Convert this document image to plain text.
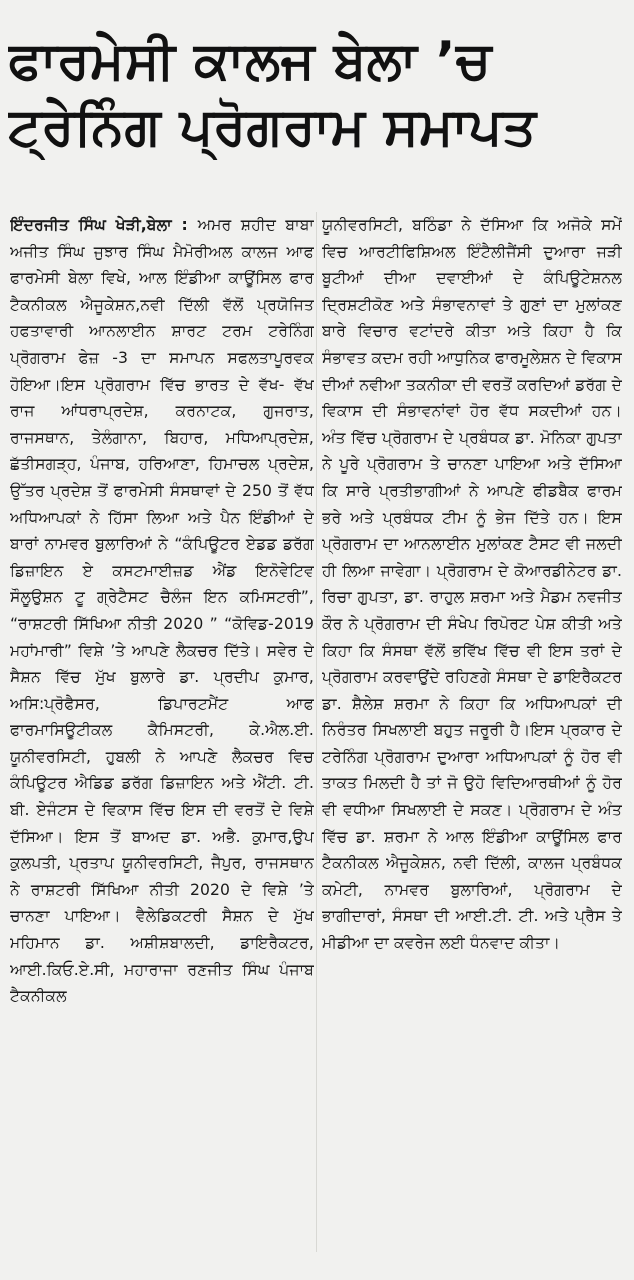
ਫਾਰਮੇਸੀ ਕਾਲਜ ਬੇਲਾ ’ਚ
ਟ੍ਰੇਨਿੰਗ ਪ੍ਰੋਗਰਾਮ ਸਮਾਪਤ
ਇੰਦਰਜੀਤ ਸਿੰਘ ਖੇੜੀ,ਬੇਲਾ : ਅਮਰ ਸ਼ਹੀਦ ਬਾਬਾ ਅਜੀਤ ਸਿੰਘ ਜੁਝਾਰ ਸਿੰਘ ਮੈਮੋਰੀਅਲ ਕਾਲਜ ਆਫ ਫਾਰਮੇਸੀ ਬੇਲਾ ਵਿਖੇ, ਆਲ ਇੰਡੀਆ ਕਾਊਂਸਿਲ ਫਾਰ ਟੈਕਨੀਕਲ ਐਜੂਕੇਸ਼ਨ,ਨਵੀ ਦਿੱਲੀ ਵੱਲੋਂ ਪ੍ਰਯੋਜਿਤ ਹਫਤਾਵਾਰੀ ਆਨਲਾਈਨ ਸ਼ਾਰਟ ਟਰਮ ਟਰੇਨਿੰਗ ਪ੍ਰੋਗਰਾਮ ਫੇਜ਼ -3 ਦਾ ਸਮਾਪਨ ਸਫਲਤਾਪੂਰਵਕ ਹੋਇਆ।ਇਸ ਪ੍ਰੋਗਰਾਮ ਵਿੱਚ ਭਾਰਤ ਦੇ ਵੱਖ- ਵੱਖ ਰਾਜ ਆਂਧਰਾਪ੍ਰਦੇਸ਼, ਕਰਨਾਟਕ, ਗੁਜਰਾਤ, ਰਾਜਸਥਾਨ, ਤੇਲੰਗਾਨਾ, ਬਿਹਾਰ, ਮਧਿਆਪ੍ਰਦੇਸ਼, ਛੱਤੀਸਗੜ੍ਹ, ਪੰਜਾਬ, ਹਰਿਆਣਾ, ਹਿਮਾਚਲ ਪ੍ਰਦੇਸ਼, ਉੱਤਰ ਪ੍ਰਦੇਸ਼ ਤੋਂ ਫਾਰਮੇਸੀ ਸੰਸਥਾਵਾਂ ਦੇ 250 ਤੋਂ ਵੱਧ ਅਧਿਆਪਕਾਂ ਨੇ ਹਿੱਸਾ ਲਿਆ ਅਤੇ ਪੈਨ ਇੰਡੀਆਂ ਦੇ ਬਾਰਾਂ ਨਾਮਵਰ ਬੁਲਾਰਿਆਂ ਨੇ “ਕੰਪਿਊਟਰ ਏਡਡ ਡਰੱਗ ਡਿਜ਼ਾਇਨ ਏ ਕਸਟਮਾਈਜ਼ਡ ਐਂਡ ਇਨੋਵੇਟਿਵ ਸੌਲੂਉਸ਼ਨ ਟੂ ਗ੍ਰੇਟੈਸਟ ਚੈਲੰਜ ਇਨ ਕਮਿਸਟਰੀ”, “ਰਾਸ਼ਟਰੀ ਸਿੱਖਿਆ ਨੀਤੀ 2020 ” “ਕੋਵਿਡ-2019 ਮਹਾਂਮਾਰੀ” ਵਿਸ਼ੇ ’ਤੇ ਆਪਣੇ ਲੈਕਚਰ ਦਿੱਤੇ। ਸਵੇਰ ਦੇ ਸੈਸ਼ਨ ਵਿੱਚ ਮੁੱਖ ਬੁਲਾਰੇ ਡਾ. ਪ੍ਰਦੀਪ ਕੁਮਾਰ, ਅਸਿ:ਪ੍ਰੋਫੈਸਰ, ਡਿਪਾਰਟਮੈਂਟ ਆਫ ਫਾਰਮਾਸਿਊਟੀਕਲ ਕੈਮਿਸਟਰੀ, ਕੇ.ਐਲ.ਈ. ਯੂਨੀਵਰਸਿਟੀ, ਹੁਬਲੀ ਨੇ ਆਪਣੇ ਲੈਕਚਰ ਵਿਚ ਕੰਪਿਊਟਰ ਐਡਿਡ ਡਰੱਗ ਡਿਜ਼ਾਇਨ ਅਤੇ ਐਂਟੀ. ਟੀ. ਬੀ. ਏਜੰਟਸ ਦੇ ਵਿਕਾਸ ਵਿੱਚ ਇਸ ਦੀ ਵਰਤੋਂ ਦੇ ਵਿਸ਼ੇ ਦੱਸਿਆ। ਇਸ ਤੋਂ ਬਾਅਦ ਡਾ. ਅਭੈ. ਕੁਮਾਰ,ਉਪ ਕੁਲਪਤੀ, ਪ੍ਰਤਾਪ ਯੂਨੀਵਰਸਿਟੀ, ਜੈਪੁਰ, ਰਾਜਸਥਾਨ ਨੇ ਰਾਸ਼ਟਰੀ ਸਿੱਖਿਆ ਨੀਤੀ 2020 ਦੇ ਵਿਸ਼ੇ ’ਤੇ ਚਾਨਣਾ ਪਾਇਆ। ਵੈਲੇਡਿਕਟਰੀ ਸੈਸ਼ਨ ਦੇ ਮੁੱਖ ਮਹਿਮਾਨ ਡਾ. ਅਸ਼ੀਸ਼ਬਾਲਦੀ, ਡਾਇਰੈਕਟਰ, ਆਈ.ਕਿਓ.ਏ.ਸੀ, ਮਹਾਰਾਜਾ ਰਣਜੀਤ ਸਿੰਘ ਪੰਜਾਬ ਟੈਕਨੀਕਲ
ਯੂਨੀਵਰਸਿਟੀ, ਬਠਿੰਡਾ ਨੇ ਦੱਸਿਆ ਕਿ ਅਜੋਕੇ ਸਮੇਂ ਵਿਚ ਆਰਟੀਫਿਸ਼ਿਅਲ ਇੰਟੈਲੀਜੈਂਸੀ ਦੁਆਰਾ ਜੜੀ ਬੂਟੀਆਂ ਦੀਆ ਦਵਾਈਆਂ ਦੇ ਕੰਪਿਊਟੇਸ਼ਨਲ ਦ੍ਰਿਸ਼ਟੀਕੋਣ ਅਤੇ ਸੰਭਾਵਨਾਵਾਂ ਤੇ ਗੁਣਾਂ ਦਾ ਮੁਲਾਂਕਣ ਬਾਰੇ ਵਿਚਾਰ ਵਟਾਂਦਰੇ ਕੀਤਾ ਅਤੇ ਕਿਹਾ ਹੈ ਕਿ ਸੰਭਾਵਤ ਕਦਮ ਰਹੀ ਆਧੁਨਿਕ ਫਾਰਮੂਲੇਸ਼ਨ ਦੇ ਵਿਕਾਸ ਦੀਆਂ ਨਵੀਆ ਤਕਨੀਕਾ ਦੀ ਵਰਤੋਂ ਕਰਦਿਆਂ ਡਰੱਗ ਦੇ ਵਿਕਾਸ ਦੀ ਸੰਭਾਵਨਾਂਵਾਂ ਹੋਰ ਵੱਧ ਸਕਦੀਆਂ ਹਨ। ਅੰਤ ਵਿੱਚ ਪ੍ਰੋਗਰਾਮ ਦੇ ਪ੍ਰਬੰਧਕ ਡਾ. ਮੋਨਿਕਾ ਗੁਪਤਾ ਨੇ ਪੂਰੇ ਪ੍ਰੋਗਰਾਮ ਤੇ ਚਾਨਣਾ ਪਾਇਆ ਅਤੇ ਦੱਸਿਆ ਕਿ ਸਾਰੇ ਪ੍ਰਤੀਭਾਗੀਆਂ ਨੇ ਆਪਣੇ ਫੀਡਬੈਕ ਫਾਰਮ ਭਰੇ ਅਤੇ ਪ੍ਰਬੰਧਕ ਟੀਮ ਨੂੰ ਭੇਜ ਦਿੱਤੇ ਹਨ। ਇਸ ਪ੍ਰੋਗਰਾਮ ਦਾ ਆਨਲਾਈਨ ਮੁਲਾਂਕਣ ਟੈਸਟ ਵੀ ਜਲਦੀ ਹੀ ਲਿਆ ਜਾਵੇਗਾ। ਪ੍ਰੋਗਰਾਮ ਦੇ ਕੋਆਰਡੀਨੇਟਰ ਡਾ. ਰਿਚਾ ਗੁਪਤਾ, ਡਾ. ਰਾਹੁਲ ਸ਼ਰਮਾ ਅਤੇ ਮੈਡਮ ਨਵਜੀਤ ਕੌਰ ਨੇ ਪ੍ਰੋਗਰਾਮ ਦੀ ਸੰਖੇਪ ਰਿਪੋਰਟ ਪੇਸ਼ ਕੀਤੀ ਅਤੇ ਕਿਹਾ ਕਿ ਸੰਸਥਾ ਵੱਲੋਂ ਭਵਿੱਖ ਵਿੱਚ ਵੀ ਇਸ ਤਰਾਂ ਦੇ ਪ੍ਰੋਗਰਾਮ ਕਰਵਾਉਂਦੇ ਰਹਿਣਗੇ ਸੰਸਥਾ ਦੇ ਡਾਇਰੈਕਟਰ ਡਾ. ਸ਼ੈਲੇਸ਼ ਸ਼ਰਮਾ ਨੇ ਕਿਹਾ ਕਿ ਅਧਿਆਪਕਾਂ ਦੀ ਨਿਰੰਤਰ ਸਿਖਲਾਈ ਬਹੁਤ ਜਰੂਰੀ ਹੈ।ਇਸ ਪ੍ਰਕਾਰ ਦੇ ਟਰੇਨਿੰਗ ਪ੍ਰੋਗਰਾਮ ਦੁਆਰਾ ਅਧਿਆਪਕਾਂ ਨੂੰ ਹੋਰ ਵੀ ਤਾਕਤ ਮਿਲਦੀ ਹੈ ਤਾਂ ਜੋ ਉਹੋ ਵਿਦਿਆਰਥੀਆਂ ਨੂੰ ਹੋਰ ਵੀ ਵਧੀਆ ਸਿਖਲਾਈ ਦੇ ਸਕਣ। ਪ੍ਰੋਗਰਾਮ ਦੇ ਅੰਤ ਵਿੱਚ ਡਾ. ਸ਼ਰਮਾ ਨੇ ਆਲ ਇੰਡੀਆ ਕਾਊਂਸਿਲ ਫਾਰ ਟੈਕਨੀਕਲ ਐਜੂਕੇਸ਼ਨ, ਨਵੀ ਦਿੱਲੀ, ਕਾਲਜ ਪ੍ਰਬੰਧਕ ਕਮੇਟੀ, ਨਾਮਵਰ ਬੁਲਾਰਿਆਂ, ਪ੍ਰੋਗਰਾਮ ਦੇ ਭਾਗੀਦਾਰਾਂ, ਸੰਸਥਾ ਦੀ ਆਈ.ਟੀ. ਟੀ. ਅਤੇ ਪ੍ਰੈਸ ਤੇ ਮੀਡੀਆ ਦਾ ਕਵਰੇਜ ਲਈ ਧੰਨਵਾਦ ਕੀਤਾ।
